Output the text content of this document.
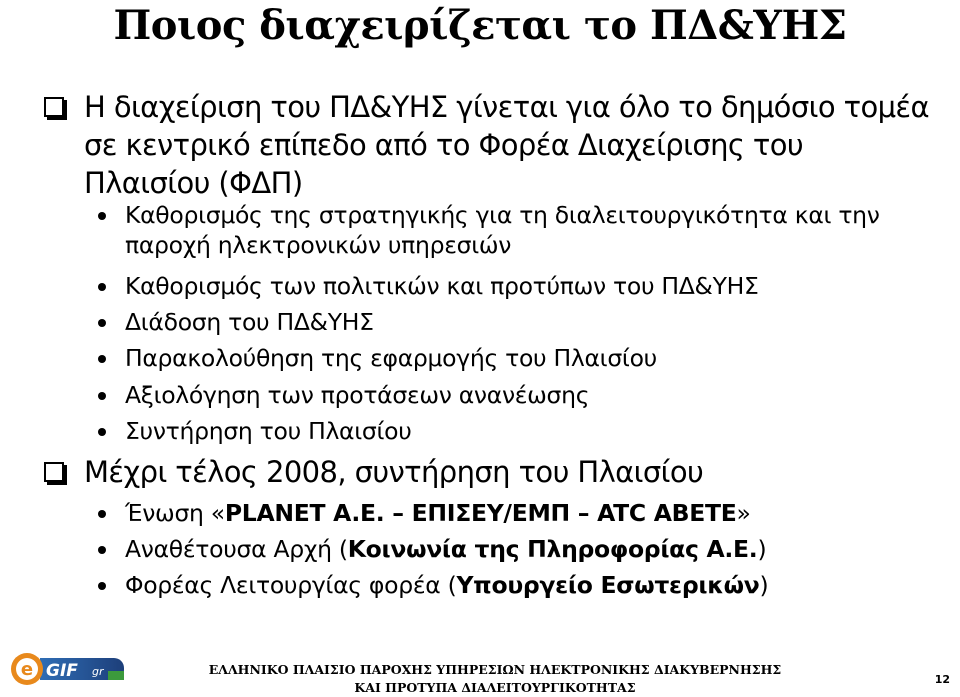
Ποιος διαχειρίζεται το ΠΔ&ΥΗΣ
Η διαχείριση του ΠΔ&ΥΗΣ γίνεται για όλο το δημόσιο τομέα σε κεντρικό επίπεδο από το Φορέα Διαχείρισης του Πλαισίου (ΦΔΠ)
Καθορισμός της στρατηγικής για τη διαλειτουργικότητα και την παροχή ηλεκτρονικών υπηρεσιών
Καθορισμός των πολιτικών και προτύπων του ΠΔ&ΥΗΣ
Διάδοση του ΠΔ&ΥΗΣ
Παρακολούθηση της εφαρμογής του Πλαισίου
Αξιολόγηση των προτάσεων ανανέωσης
Συντήρηση του Πλαισίου
Μέχρι τέλος 2008, συντήρηση του Πλαισίου
Ένωση «PLANET A.E. – ΕΠΙΣΕΥ/ΕΜΠ – ATC ABETE»
Αναθέτουσα Αρχή (Κοινωνία της Πληροφορίας Α.Ε.)
Φορέας Λειτουργίας φορέα (Υπουργείο Εσωτερικών)
e GIF gr	ΕΛΛΗΝΙΚΟ ΠΛΑΙΣΙΟ ΠΑΡΟΧΗΣ ΥΠΗΡΕΣΙΩΝ ΗΛΕΚΤΡΟΝΙΚΗΣ ΔΙΑΚΥΒΕΡΝΗΣΗΣ
ΚΑΙ ΠΡΟΤΥΠΑ ΔΙΑΛΕΙΤΟΥΡΓΙΚΟΤΗΤΑΣ
12
